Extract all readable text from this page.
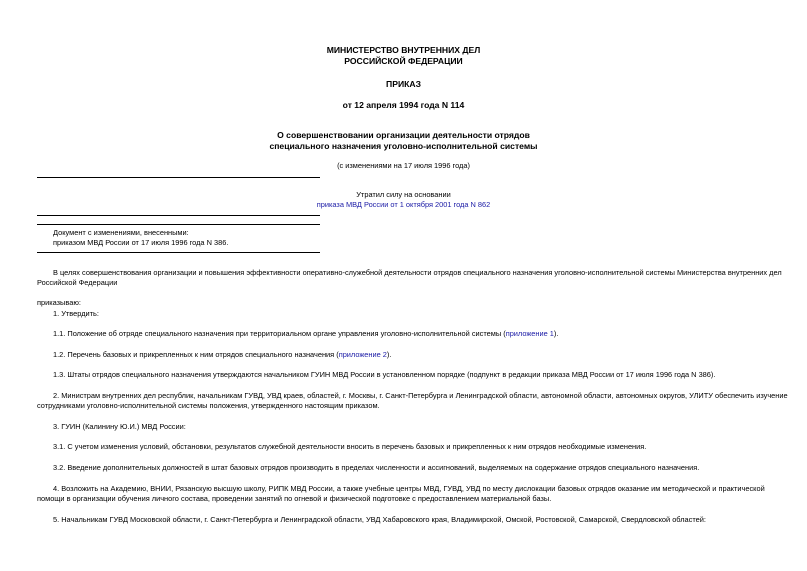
МИНИСТЕРСТВО ВНУТРЕННИХ ДЕЛ
РОССИЙСКОЙ ФЕДЕРАЦИИ
ПРИКАЗ
от 12 апреля 1994 года N 114
О совершенствовании организации деятельности отрядов
специального назначения уголовно-исполнительной системы
(с изменениями на 17 июля 1996 года)
Утратил силу на основании
приказа МВД России от 1 октября 2001 года N 862
Документ с изменениями, внесенными:
приказом МВД России от 17 июля 1996 года N 386.
В целях совершенствования организации и повышения эффективности оперативно-служебной деятельности отрядов специального назначения уголовно-исполнительной системы Министерства внутренних дел
Российской Федерации
приказываю:
1. Утвердить:
1.1. Положение об отряде специального назначения при территориальном органе управления уголовно-исполнительной системы (приложение 1).
1.2. Перечень базовых и прикрепленных к ним отрядов специального назначения (приложение 2).
1.3. Штаты отрядов специального назначения утверждаются начальником ГУИН МВД России в установленном порядке (подпункт в редакции приказа МВД России от 17 июля 1996 года N 386).
2. Министрам внутренних дел республик, начальникам ГУВД, УВД краев, областей, г. Москвы, г. Санкт-Петербурга и Ленинградской области, автономной области, автономных округов, УЛИТУ обеспечить изучение
сотрудниками уголовно-исполнительной системы положения, утвержденного настоящим приказом.
3. ГУИН (Калинину Ю.И.) МВД России:
3.1. С учетом изменения условий, обстановки, результатов служебной деятельности вносить в перечень базовых и прикрепленных к ним отрядов необходимые изменения.
3.2. Введение дополнительных должностей в штат базовых отрядов производить в пределах численности и ассигнований, выделяемых на содержание отрядов специального назначения.
4. Возложить на Академию, ВНИИ, Рязанскую высшую школу, РИПК МВД России, а также учебные центры МВД, ГУВД, УВД по месту дислокации базовых отрядов оказание им методической и практической
помощи в организации обучения личного состава, проведении занятий по огневой и физической подготовке с предоставлением материальной базы.
5. Начальникам ГУВД Московской области, г. Санкт-Петербурга и Ленинградской области, УВД Хабаровского края, Владимирской, Омской, Ростовской, Самарской, Свердловской областей:
